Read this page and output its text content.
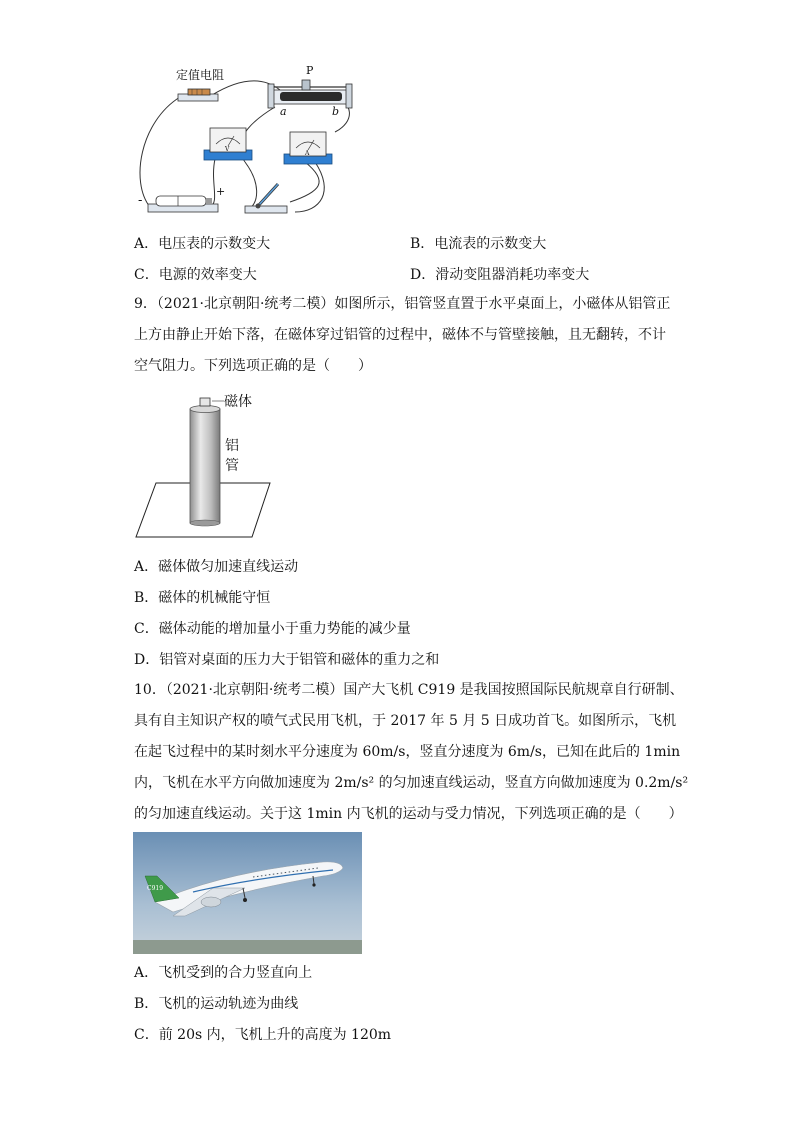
定值电阻	P
a	b
V
A
-
+
A．电压表的示数变大	B．电流表的示数变大
C．电源的效率变大	D．滑动变阻器消耗功率变大
9．（2021·北京朝阳·统考二模）如图所示，铝管竖直置于水平桌面上，小磁体从铝管正
上方由静止开始下落，在磁体穿过铝管的过程中，磁体不与管壁接触，且无翻转，不计
空气阻力。下列选项正确的是（　　）
磁体
铝
管
A．磁体做匀加速直线运动
B．磁体的机械能守恒
C．磁体动能的增加量小于重力势能的减少量
D．铝管对桌面的压力大于铝管和磁体的重力之和
10．（2021·北京朝阳·统考二模）国产大飞机 C919 是我国按照国际民航规章自行研制、
具有自主知识产权的喷气式民用飞机，于 2017 年 5 月 5 日成功首飞。如图所示，飞机
在起飞过程中的某时刻水平分速度为 60m/s，竖直分速度为 6m/s，已知在此后的 1min
内，飞机在水平方向做加速度为 2m/s² 的匀加速直线运动，竖直方向做加速度为 0.2m/s²
的匀加速直线运动。关于这 1min 内飞机的运动与受力情况，下列选项正确的是（　　）
C919
A．飞机受到的合力竖直向上
B．飞机的运动轨迹为曲线
C．前 20s 内，飞机上升的高度为 120m
